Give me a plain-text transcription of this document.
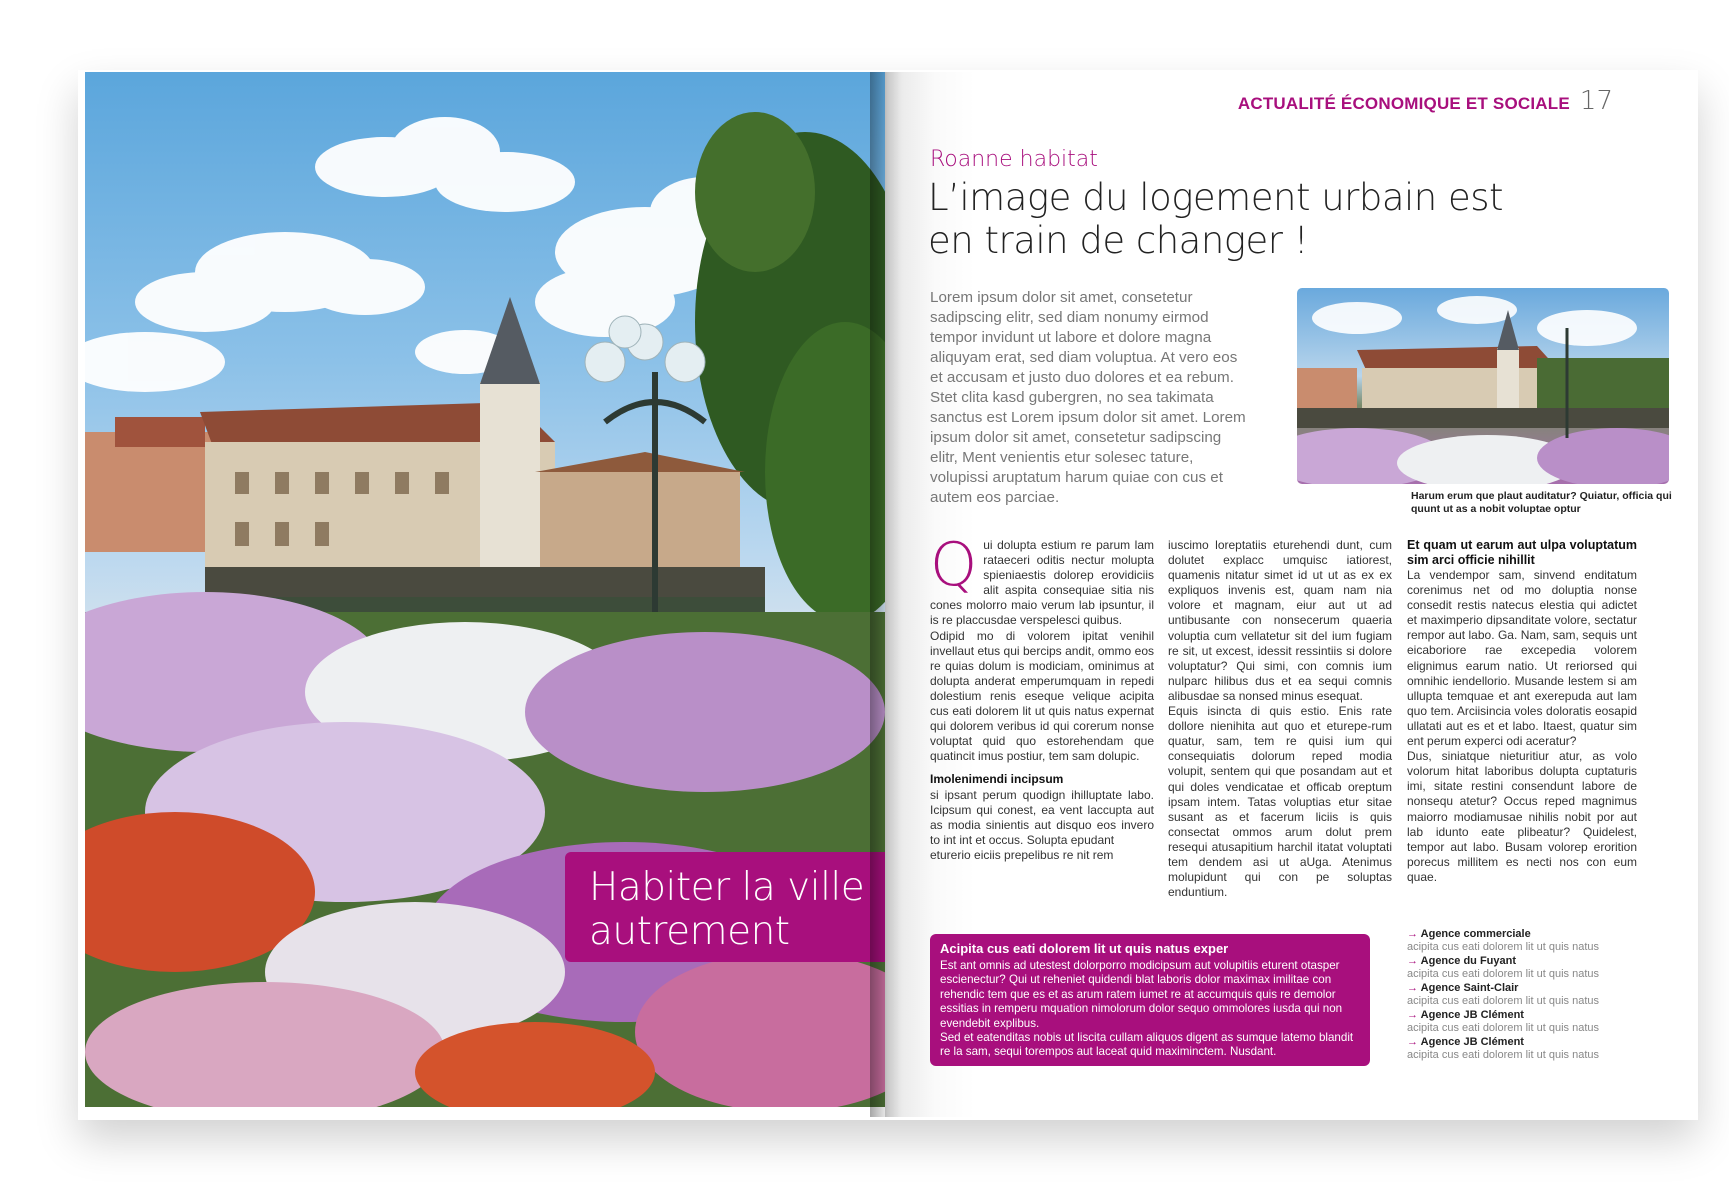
Habiter la ville autrement
ACTUALITÉ ÉCONOMIQUE ET SOCIALE 17
Roanne habitat
L’image du logement urbain est en train de changer !
Lorem ipsum dolor sit amet, consetetur sadipscing elitr, sed diam nonumy eirmod tempor invidunt ut labore et dolore magna aliquyam erat, sed diam voluptua. At vero eos et accusam et justo duo dolores et ea rebum. Stet clita kasd gubergren, no sea takimata sanctus est Lorem ipsum dolor sit amet. Lorem ipsum dolor sit amet, consetetur sadipscing elitr, Ment venientis etur solesec tature, volupissi aruptatum harum quiae con cus et autem eos parciae.	Harum erum que plaut auditatur? Quiatur, officia qui quunt ut as a nobit voluptae optur
Q ui dolupta estium re parum lam rataeceri oditis nectur molupta spieniaestis dolorep erovidiciis alit aspita consequiae sitia nis cones molorro maio verum lab ipsuntur, il is re placcusdae verspelesci quibus.
Odipid mo di volorem ipitat venihil invellaut etus qui bercips andit, ommo eos re quias dolum is modiciam, ominimus at dolupta anderat emperumquam in repedi dolestium renis eseque velique acipita cus eati dolorem lit ut quis natus expernat qui dolorem veribus id qui corerum nonse voluptat quid quo estorehendam que quatincit imus postiur, tem sam dolupic.
Imolenimendi incipsum
si ipsant perum quodign ihilluptate labo. Icipsum qui conest, ea vent laccupta aut as modia sinientis aut disquo eos invero to int int et occus. Solupta epudant
eturerio eiciis prepelibus re nit rem
iuscimo loreptatiis eturehendi dunt, cum dolutet explacc umquisc iatiorest, quamenis nitatur simet id ut ut as ex ex expliquos invenis est, quam nam nia volore et magnam, eiur aut ut ad untibusante con nonsecerum quaeria voluptia cum vellatetur sit del ium fugiam re sit, ut excest, idessit ressintiis si dolore voluptatur? Qui simi, con comnis ium nulparc hilibus dus et ea sequi comnis alibusdae sa nonsed minus esequat.
Equis isincta di quis estio. Enis rate dollore nienihita aut quo et eturepe-rum quatur, sam, tem re quisi ium qui consequiatis dolorum reped modia volupit, sentem qui que posandam aut et qui doles vendicatae et officab oreptum ipsam intem. Tatas voluptias etur sitae susant as et facerum liciis is quis consectat ommos arum dolut prem resequi atusapitium harchil itatat voluptati tem dendem asi ut aUga. Atenimus molupidunt qui con pe soluptas enduntium.
Et quam ut earum aut ulpa voluptatum sim arci officie nihillit
La vendempor sam, sinvend enditatum corenimus net od mo doluptia nonse consedit restis natecus elestia qui adictet et maximperio dipsanditate volore, sectatur rempor aut labo. Ga. Nam, sam, sequis unt eicaboriore rae excepedia volorem elignimus earum natio. Ut reriorsed qui omnihic iendellorio. Musande lestem si am ullupta temquae et ant exerepuda aut lam quo tem. Arciisincia voles doloratis eosapid ullatati aut es et et labo. Itaest, quatur sim ent perum experci odi aceratur?
Dus, siniatque nieturitiur atur, as volo volorum hitat laboribus dolupta cuptaturis imi, sitate restini consendunt labore de nonsequ atetur? Occus reped magnimus maiorro modiamusae nihilis nobit por aut lab idunto eate plibeatur? Quidelest, tempor aut labo. Busam volorep erorition porecus millitem es necti nos con eum quae.
Acipita cus eati dolorem lit ut quis natus exper
Est ant omnis ad utestest dolorporro modicipsum aut volupitiis eturent otasper escienectur? Qui ut reheniet quidendi blat laboris dolor maximax imilitae con rehendic tem que es et as arum ratem iumet re at accumquis quis re demolor essitias in remperu mquation nimolorum dolor sequo ommolores iusda qui non evendebit explibus.
Sed et eatenditas nobis ut liscita cullam aliquos digent as sumque latemo blandit re la sam, sequi torempos aut laceat quid maximinctem. Nusdant.
→ Agence commerciale
acipita cus eati dolorem lit ut quis natus
→ Agence du Fuyant
acipita cus eati dolorem lit ut quis natus
→ Agence Saint-Clair
acipita cus eati dolorem lit ut quis natus
→ Agence JB Clément
acipita cus eati dolorem lit ut quis natus
→ Agence JB Clément
acipita cus eati dolorem lit ut quis natus
